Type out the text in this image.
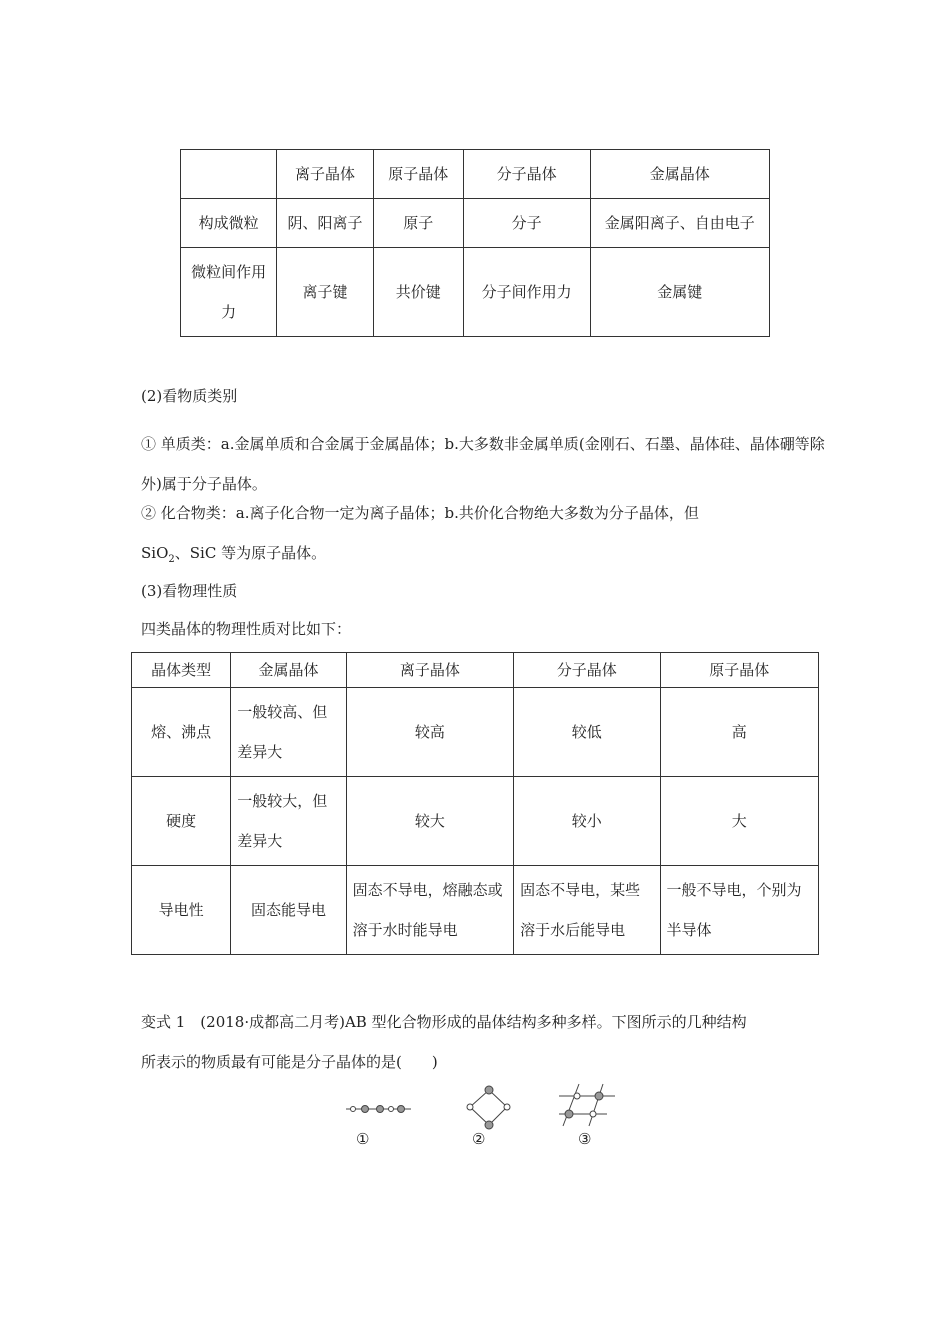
	离子晶体	原子晶体	分子晶体	金属晶体
构成微粒	阴、阳离子	原子	分子	金属阳离子、自由电子
微粒间作用力	离子键	共价键	分子间作用力	金属键
(2)看物质类别
① 单质类：a.金属单质和合金属于金属晶体；b.大多数非金属单质(金刚石、石墨、晶体硅、晶体硼等除外)属于分子晶体。
② 化合物类：a.离子化合物一定为离子晶体；b.共价化合物绝大多数为分子晶体，但
SiO$_2$、SiC 等为原子晶体。
(3)看物理性质
四类晶体的物理性质对比如下：
晶体类型	金属晶体	离子晶体	分子晶体	原子晶体
熔、沸点	一般较高、但差异大	较高	较低	高
硬度	一般较大，但差异大	较大	较小	大
导电性	固态能导电	固态不导电，熔融态或溶于水时能导电	固态不导电，某些溶于水后能导电	一般不导电，个别为半导体
变式 1　(2018·成都高二月考)AB 型化合物形成的晶体结构多种多样。下图所示的几种结构
所表示的物质最有可能是分子晶体的是(　　)
①	②	③
